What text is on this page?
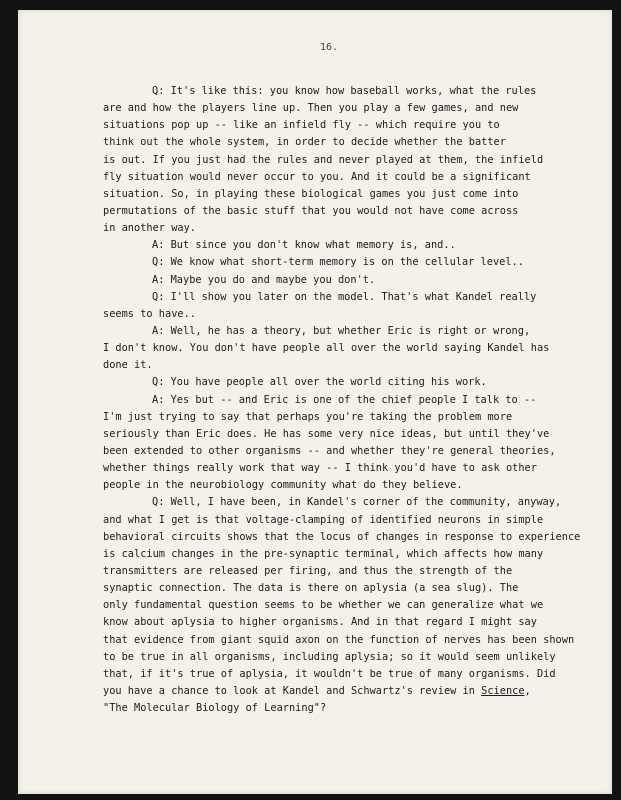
16.
Q: It's like this: you know how baseball works, what the rules
are and how the players line up. Then you play a few games, and new
situations pop up -- like an infield fly -- which require you to
think out the whole system, in order to decide whether the batter
is out. If you just had the rules and never played at them, the infield
fly situation would never occur to you. And it could be a significant
situation. So, in playing these biological games you just come into
permutations of the basic stuff that you would not have come across
in another way.
A: But since you don't know what memory is, and..
Q: We know what short-term memory is on the cellular level..
A: Maybe you do and maybe you don't.
Q: I'll show you later on the model. That's what Kandel really
seems to have..
A: Well, he has a theory, but whether Eric is right or wrong,
I don't know. You don't have people all over the world saying Kandel has
done it.
Q: You have people all over the world citing his work.
A: Yes but -- and Eric is one of the chief people I talk to --
I'm just trying to say that perhaps you're taking the problem more
seriously than Eric does. He has some very nice ideas, but until they've
been extended to other organisms -- and whether they're general theories,
whether things really work that way -- I think you'd have to ask other
people in the neurobiology community what do they believe.
Q: Well, I have been, in Kandel's corner of the community, anyway,
and what I get is that voltage-clamping of identified neurons in simple
behavioral circuits shows that the locus of changes in response to experience
is calcium changes in the pre-synaptic terminal, which affects how many
transmitters are released per firing, and thus the strength of the
synaptic connection. The data is there on aplysia (a sea slug). The
only fundamental question seems to be whether we can generalize what we
know about aplysia to higher organisms. And in that regard I might say
that evidence from giant squid axon on the function of nerves has been shown
to be true in all organisms, including aplysia; so it would seem unlikely
that, if it's true of aplysia, it wouldn't be true of many organisms. Did
you have a chance to look at Kandel and Schwartz's review in Science,
"The Molecular Biology of Learning"?
